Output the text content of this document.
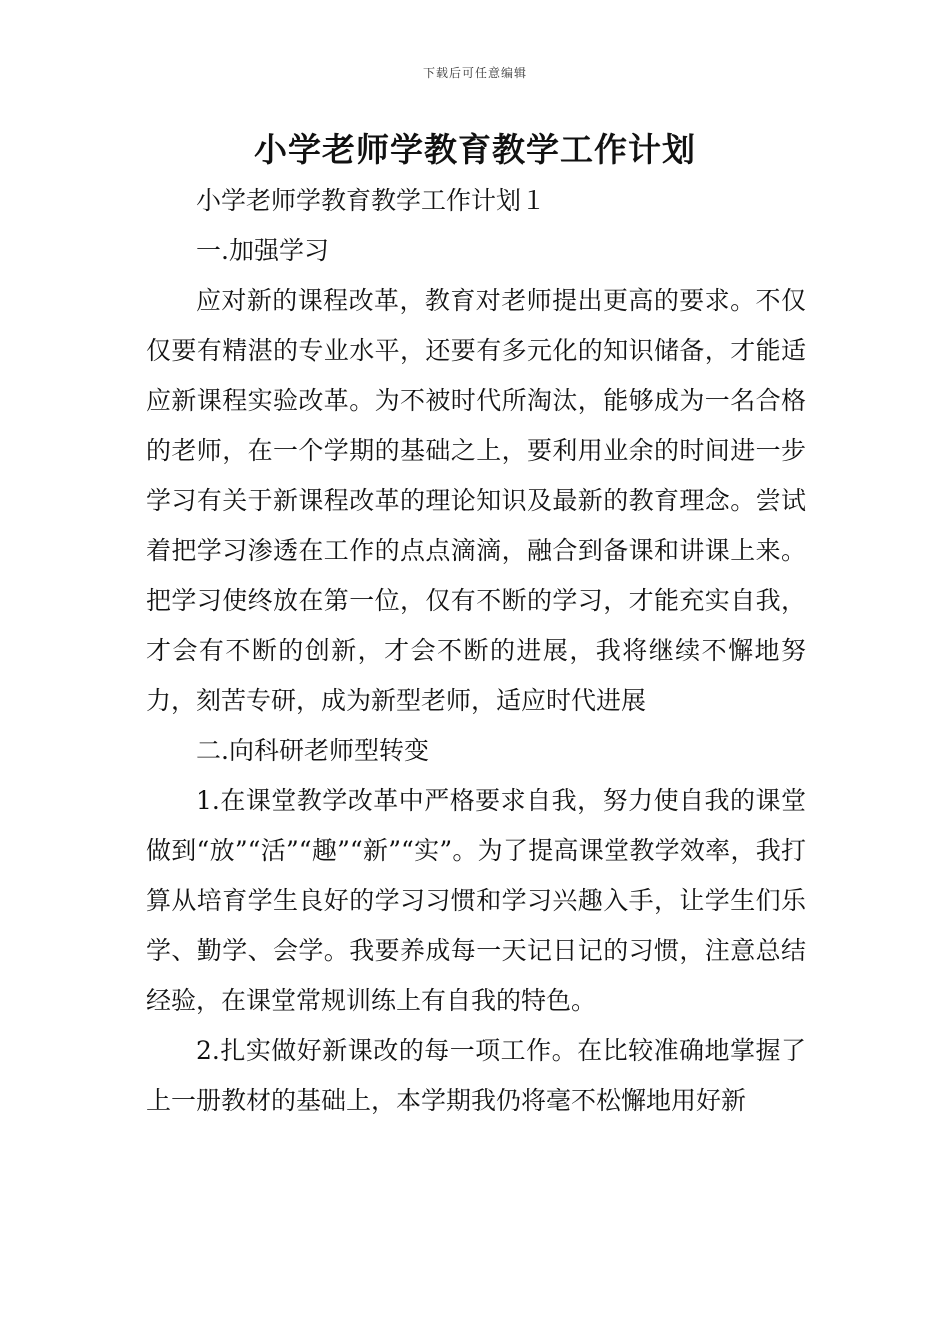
下载后可任意编辑
小学老师学教育教学工作计划

小学老师学教育教学工作计划１

一.加强学习

应对新的课程改革，教育对老师提出更高的要求。不仅仅要有精湛的专业水平，还要有多元化的知识储备，才能适应新课程实验改革。为不被时代所淘汰，能够成为一名合格的老师，在一个学期的基础之上，要利用业余的时间进一步学习有关于新课程改革的理论知识及最新的教育理念。尝试着把学习渗透在工作的点点滴滴，融合到备课和讲课上来。把学习使终放在第一位，仅有不断的学习，才能充实自我，才会有不断的创新，才会不断的进展，我将继续不懈地努力，刻苦专研，成为新型老师，适应时代进展

二.向科研老师型转变

1.在课堂教学改革中严格要求自我，努力使自我的课堂做到“放”“活”“趣”“新”“实”。为了提高课堂教学效率，我打算从培育学生良好的学习习惯和学习兴趣入手，让学生们乐学、勤学、会学。我要养成每一天记日记的习惯，注意总结经验，在课堂常规训练上有自我的特色。

2.扎实做好新课改的每一项工作。在比较准确地掌握了上一册教材的基础上，本学期我仍将毫不松懈地用好新
